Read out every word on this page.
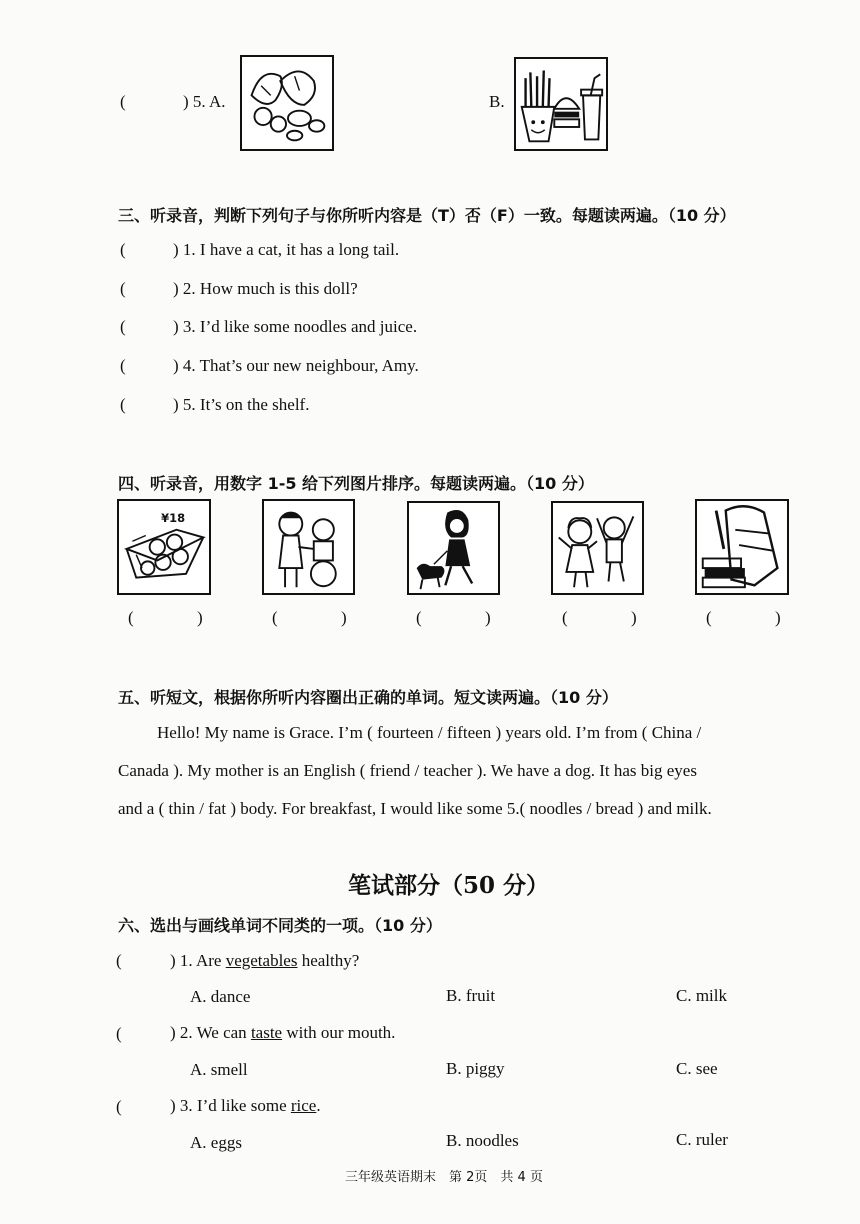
(	) 5. A.	B.
三、听录音，判断下列句子与你所听内容是（T）否（F）一致。每题读两遍。（10 分）
(	) 1. I have a cat, it has a long tail.
(	) 2. How much is this doll?
(	) 3. I’d like some noodles and juice.
(	) 4. That’s our new neighbour, Amy.
(	) 5. It’s on the shelf.
四、听录音，用数字 1-5 给下列图片排序。每题读两遍。（10 分）
¥18
(	)	(	)	(	)	(	)	(	)
五、听短文，根据你所听内容圈出正确的单词。短文读两遍。（10 分）
Hello! My name is Grace. I’m ( fourteen / fifteen ) years old. I’m from ( China /
Canada ). My mother is an English ( friend / teacher ). We have a dog. It has big eyes
and a ( thin / fat ) body. For breakfast, I would like some 5.( noodles / bread ) and milk.
笔试部分（50 分）
六、选出与画线单词不同类的一项。（10 分）
(	) 1. Are vegetables healthy?
A. dance	B. fruit	C. milk
(	) 2. We can taste with our mouth.
A. smell	B. piggy	C. see
(	) 3. I’d like some rice.
A. eggs	B. noodles	C. ruler
三年级英语期末　第 2页　共 4 页
